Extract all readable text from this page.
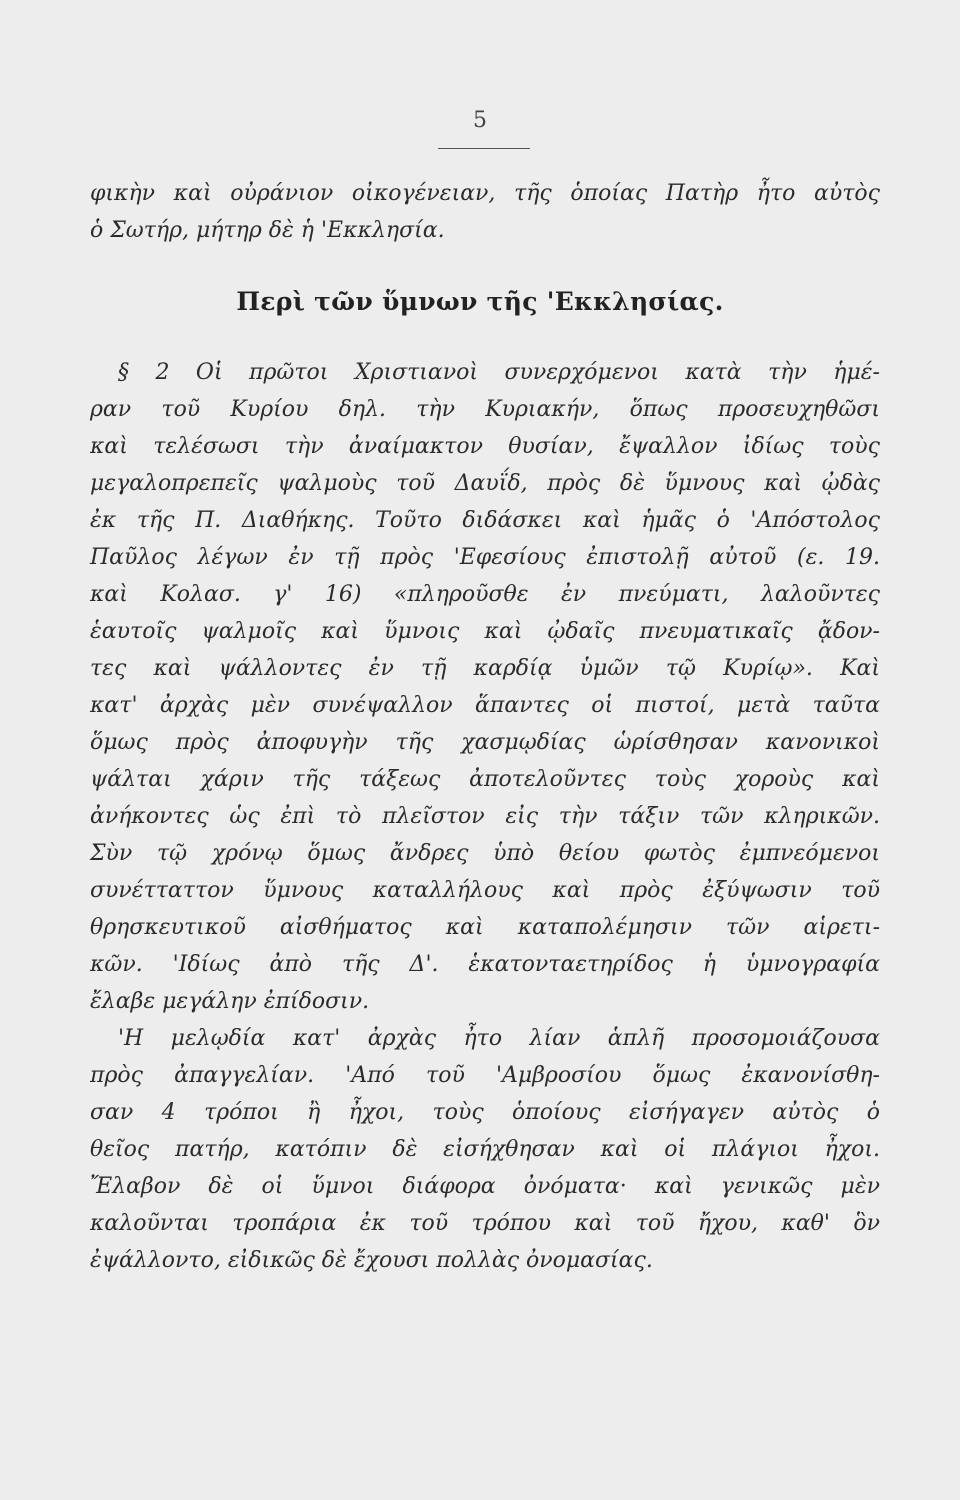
5
φικὴν καὶ οὐράνιον οἰκογένειαν, τῆς ὁποίας Πατὴρ ἦτο αὐτὸς
ὁ Σωτήρ, μήτηρ δὲ ἡ 'Εκκλησία.
Περὶ τῶν ὕμνων τῆς 'Εκκλησίας.
§ 2 Οἱ πρῶτοι Χριστιανοὶ συνερχόμενοι κατὰ τὴν ἡμέ-
ραν τοῦ Κυρίου δηλ. τὴν Κυριακήν, ὅπως προσευχηθῶσι
καὶ τελέσωσι τὴν ἀναίμακτον θυσίαν, ἔψαλλον ἰδίως τοὺς
μεγαλοπρεπεῖς ψαλμοὺς τοῦ Δαυΐδ, πρὸς δὲ ὕμνους καὶ ᾠδὰς
ἐκ τῆς Π. Διαθήκης. Τοῦτο διδάσκει καὶ ἡμᾶς ὁ 'Απόστολος
Παῦλος λέγων ἐν τῇ πρὸς 'Εφεσίους ἐπιστολῇ αὐτοῦ (ε. 19.
καὶ Κολασ. γ' 16) «πληροῦσθε ἐν πνεύματι, λαλοῦντες
ἑαυτοῖς ψαλμοῖς καὶ ὕμνοις καὶ ᾠδαῖς πνευματικαῖς ᾄδον-
τες καὶ ψάλλοντες ἐν τῇ καρδίᾳ ὑμῶν τῷ Κυρίῳ». Καὶ
κατ' ἀρχὰς μὲν συνέψαλλον ἅπαντες οἱ πιστοί, μετὰ ταῦτα
ὅμως πρὸς ἀποφυγὴν τῆς χασμῳδίας ὡρίσθησαν κανονικοὶ
ψάλται χάριν τῆς τάξεως ἀποτελοῦντες τοὺς χοροὺς καὶ
ἀνήκοντες ὡς ἐπὶ τὸ πλεῖστον εἰς τὴν τάξιν τῶν κληρικῶν.
Σὺν τῷ χρόνῳ ὅμως ἄνδρες ὑπὸ θείου φωτὸς ἐμπνεόμενοι
συνέτταττον ὕμνους καταλλήλους καὶ πρὸς ἐξύψωσιν τοῦ
θρησκευτικοῦ αἰσθήματος καὶ καταπολέμησιν τῶν αἱρετι-
κῶν. 'Ιδίως ἀπὸ τῆς Δ'. ἑκατονταετηρίδος ἡ ὑμνογραφία
ἔλαβε μεγάλην ἐπίδοσιν.
'Η μελῳδία κατ' ἀρχὰς ἦτο λίαν ἁπλῆ προσομοιάζουσα
πρὸς ἀπαγγελίαν. 'Από τοῦ 'Αμβροσίου ὅμως ἐκανονίσθη-
σαν 4 τρόποι ἢ ἦχοι, τοὺς ὁποίους εἰσήγαγεν αὐτὸς ὁ
θεῖος πατήρ, κατόπιν δὲ εἰσήχθησαν καὶ οἱ πλάγιοι ἦχοι.
Ἔλαβον δὲ οἱ ὕμνοι διάφορα ὀνόματα· καὶ γενικῶς μὲν
καλοῦνται τροπάρια ἐκ τοῦ τρόπου καὶ τοῦ ἤχου, καθ' ὃν
ἐψάλλοντο, εἰδικῶς δὲ ἔχουσι πολλὰς ὀνομασίας.
